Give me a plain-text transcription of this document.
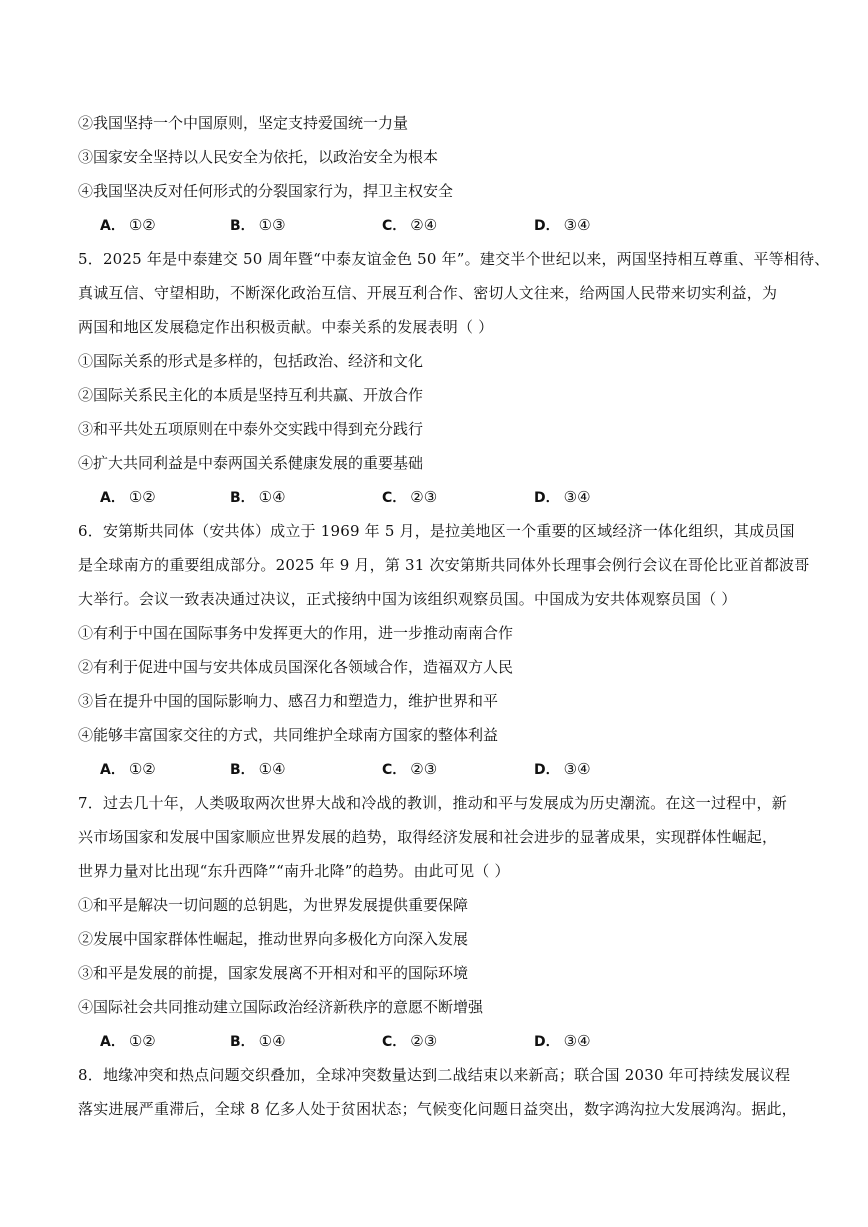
②我国坚持一个中国原则，坚定支持爱国统一力量
③国家安全坚持以人民安全为依托，以政治安全为根本
④我国坚决反对任何形式的分裂国家行为，捍卫主权安全
A． ①②	B． ①③	C． ②④	D． ③④
5．2025 年是中泰建交 50 周年暨“中泰友谊金色 50 年”。建交半个世纪以来，两国坚持相互尊重、平等相待、
真诚互信、守望相助，不断深化政治互信、开展互利合作、密切人文往来，给两国人民带来切实利益，为
两国和地区发展稳定作出积极贡献。中泰关系的发展表明（ ）
①国际关系的形式是多样的，包括政治、经济和文化
②国际关系民主化的本质是坚持互利共赢、开放合作
③和平共处五项原则在中泰外交实践中得到充分践行
④扩大共同利益是中泰两国关系健康发展的重要基础
A． ①②	B． ①④	C． ②③	D． ③④
6．安第斯共同体（安共体）成立于 1969 年 5 月，是拉美地区一个重要的区域经济一体化组织，其成员国
是全球南方的重要组成部分。2025 年 9 月，第 31 次安第斯共同体外长理事会例行会议在哥伦比亚首都波哥
大举行。会议一致表决通过决议，正式接纳中国为该组织观察员国。中国成为安共体观察员国（ ）
①有利于中国在国际事务中发挥更大的作用，进一步推动南南合作
②有利于促进中国与安共体成员国深化各领域合作，造福双方人民
③旨在提升中国的国际影响力、感召力和塑造力，维护世界和平
④能够丰富国家交往的方式，共同维护全球南方国家的整体利益
A． ①②	B． ①④	C． ②③	D． ③④
7．过去几十年，人类吸取两次世界大战和冷战的教训，推动和平与发展成为历史潮流。在这一过程中，新
兴市场国家和发展中国家顺应世界发展的趋势，取得经济发展和社会进步的显著成果，实现群体性崛起，
世界力量对比出现“东升西降”“南升北降”的趋势。由此可见（ ）
①和平是解决一切问题的总钥匙，为世界发展提供重要保障
②发展中国家群体性崛起，推动世界向多极化方向深入发展
③和平是发展的前提，国家发展离不开相对和平的国际环境
④国际社会共同推动建立国际政治经济新秩序的意愿不断增强
A． ①②	B． ①④	C． ②③	D． ③④
8．地缘冲突和热点问题交织叠加，全球冲突数量达到二战结束以来新高；联合国 2030 年可持续发展议程
落实进展严重滞后，全球 8 亿多人处于贫困状态；气候变化问题日益突出，数字鸿沟拉大发展鸿沟。据此，
